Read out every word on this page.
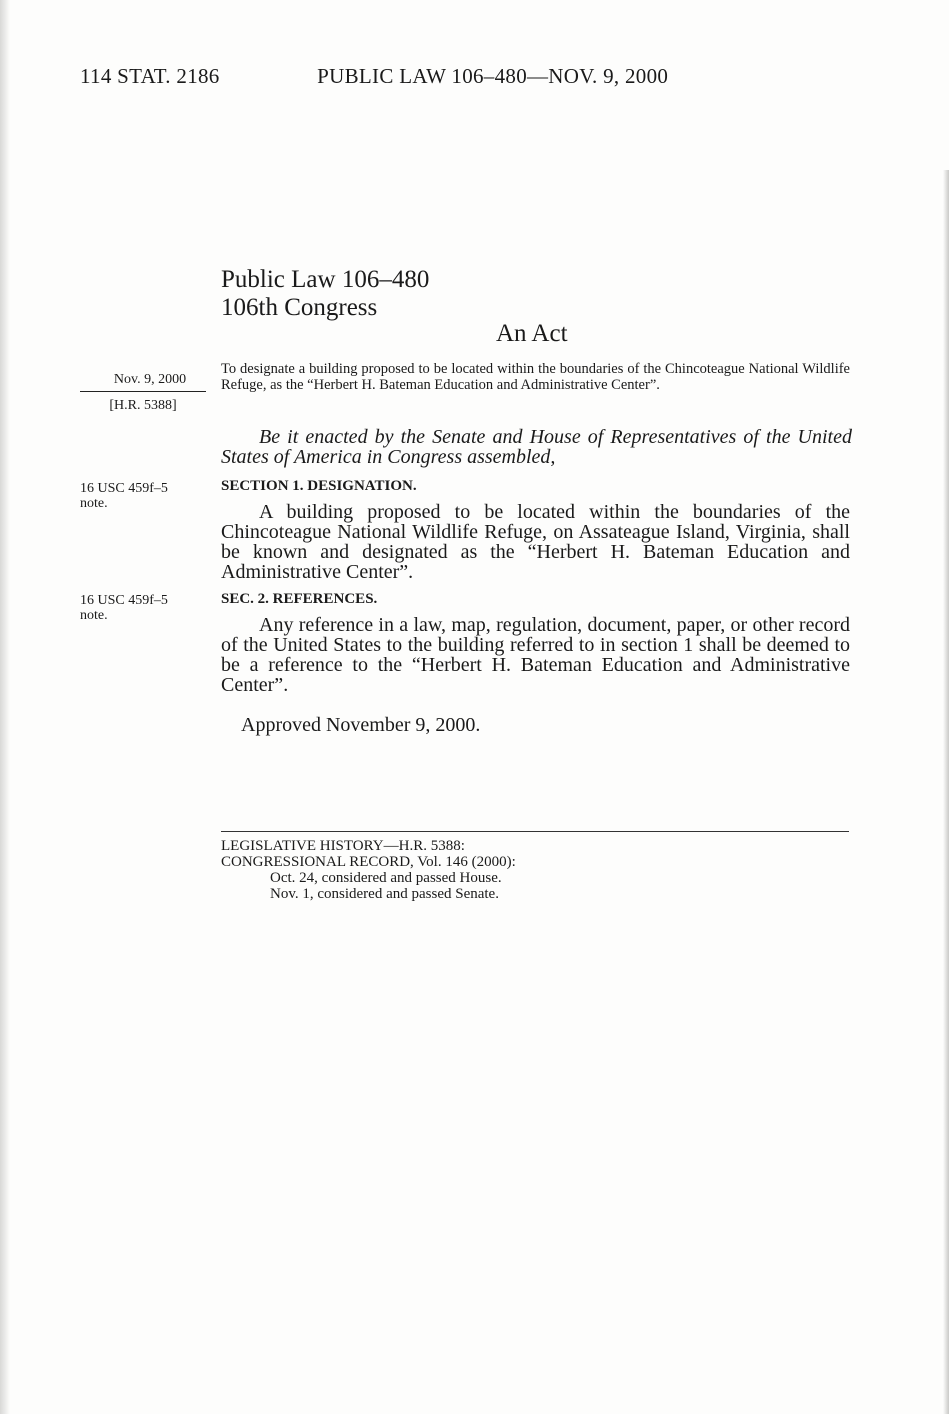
114 STAT. 2186	PUBLIC LAW 106–480—NOV. 9, 2000
Public Law 106–480
106th Congress
An Act
Nov. 9, 2000
[H.R. 5388]
To designate a building proposed to be located within the boundaries of the Chincoteague National Wildlife Refuge, as the “Herbert H. Bateman Education and Administrative Center”.
Be it enacted by the Senate and House of Representatives of the United States of America in Congress assembled,
16 USC 459f–5
note.
SECTION 1. DESIGNATION.
A building proposed to be located within the boundaries of the Chincoteague National Wildlife Refuge, on Assateague Island, Virginia, shall be known and designated as the “Herbert H. Bateman Education and Administrative Center”.
16 USC 459f–5
note.
SEC. 2. REFERENCES.
Any reference in a law, map, regulation, document, paper, or other record of the United States to the building referred to in section 1 shall be deemed to be a reference to the “Herbert H. Bateman Education and Administrative Center”.
Approved November 9, 2000.
LEGISLATIVE HISTORY—H.R. 5388:
CONGRESSIONAL RECORD, Vol. 146 (2000):
Oct. 24, considered and passed House.
Nov. 1, considered and passed Senate.
